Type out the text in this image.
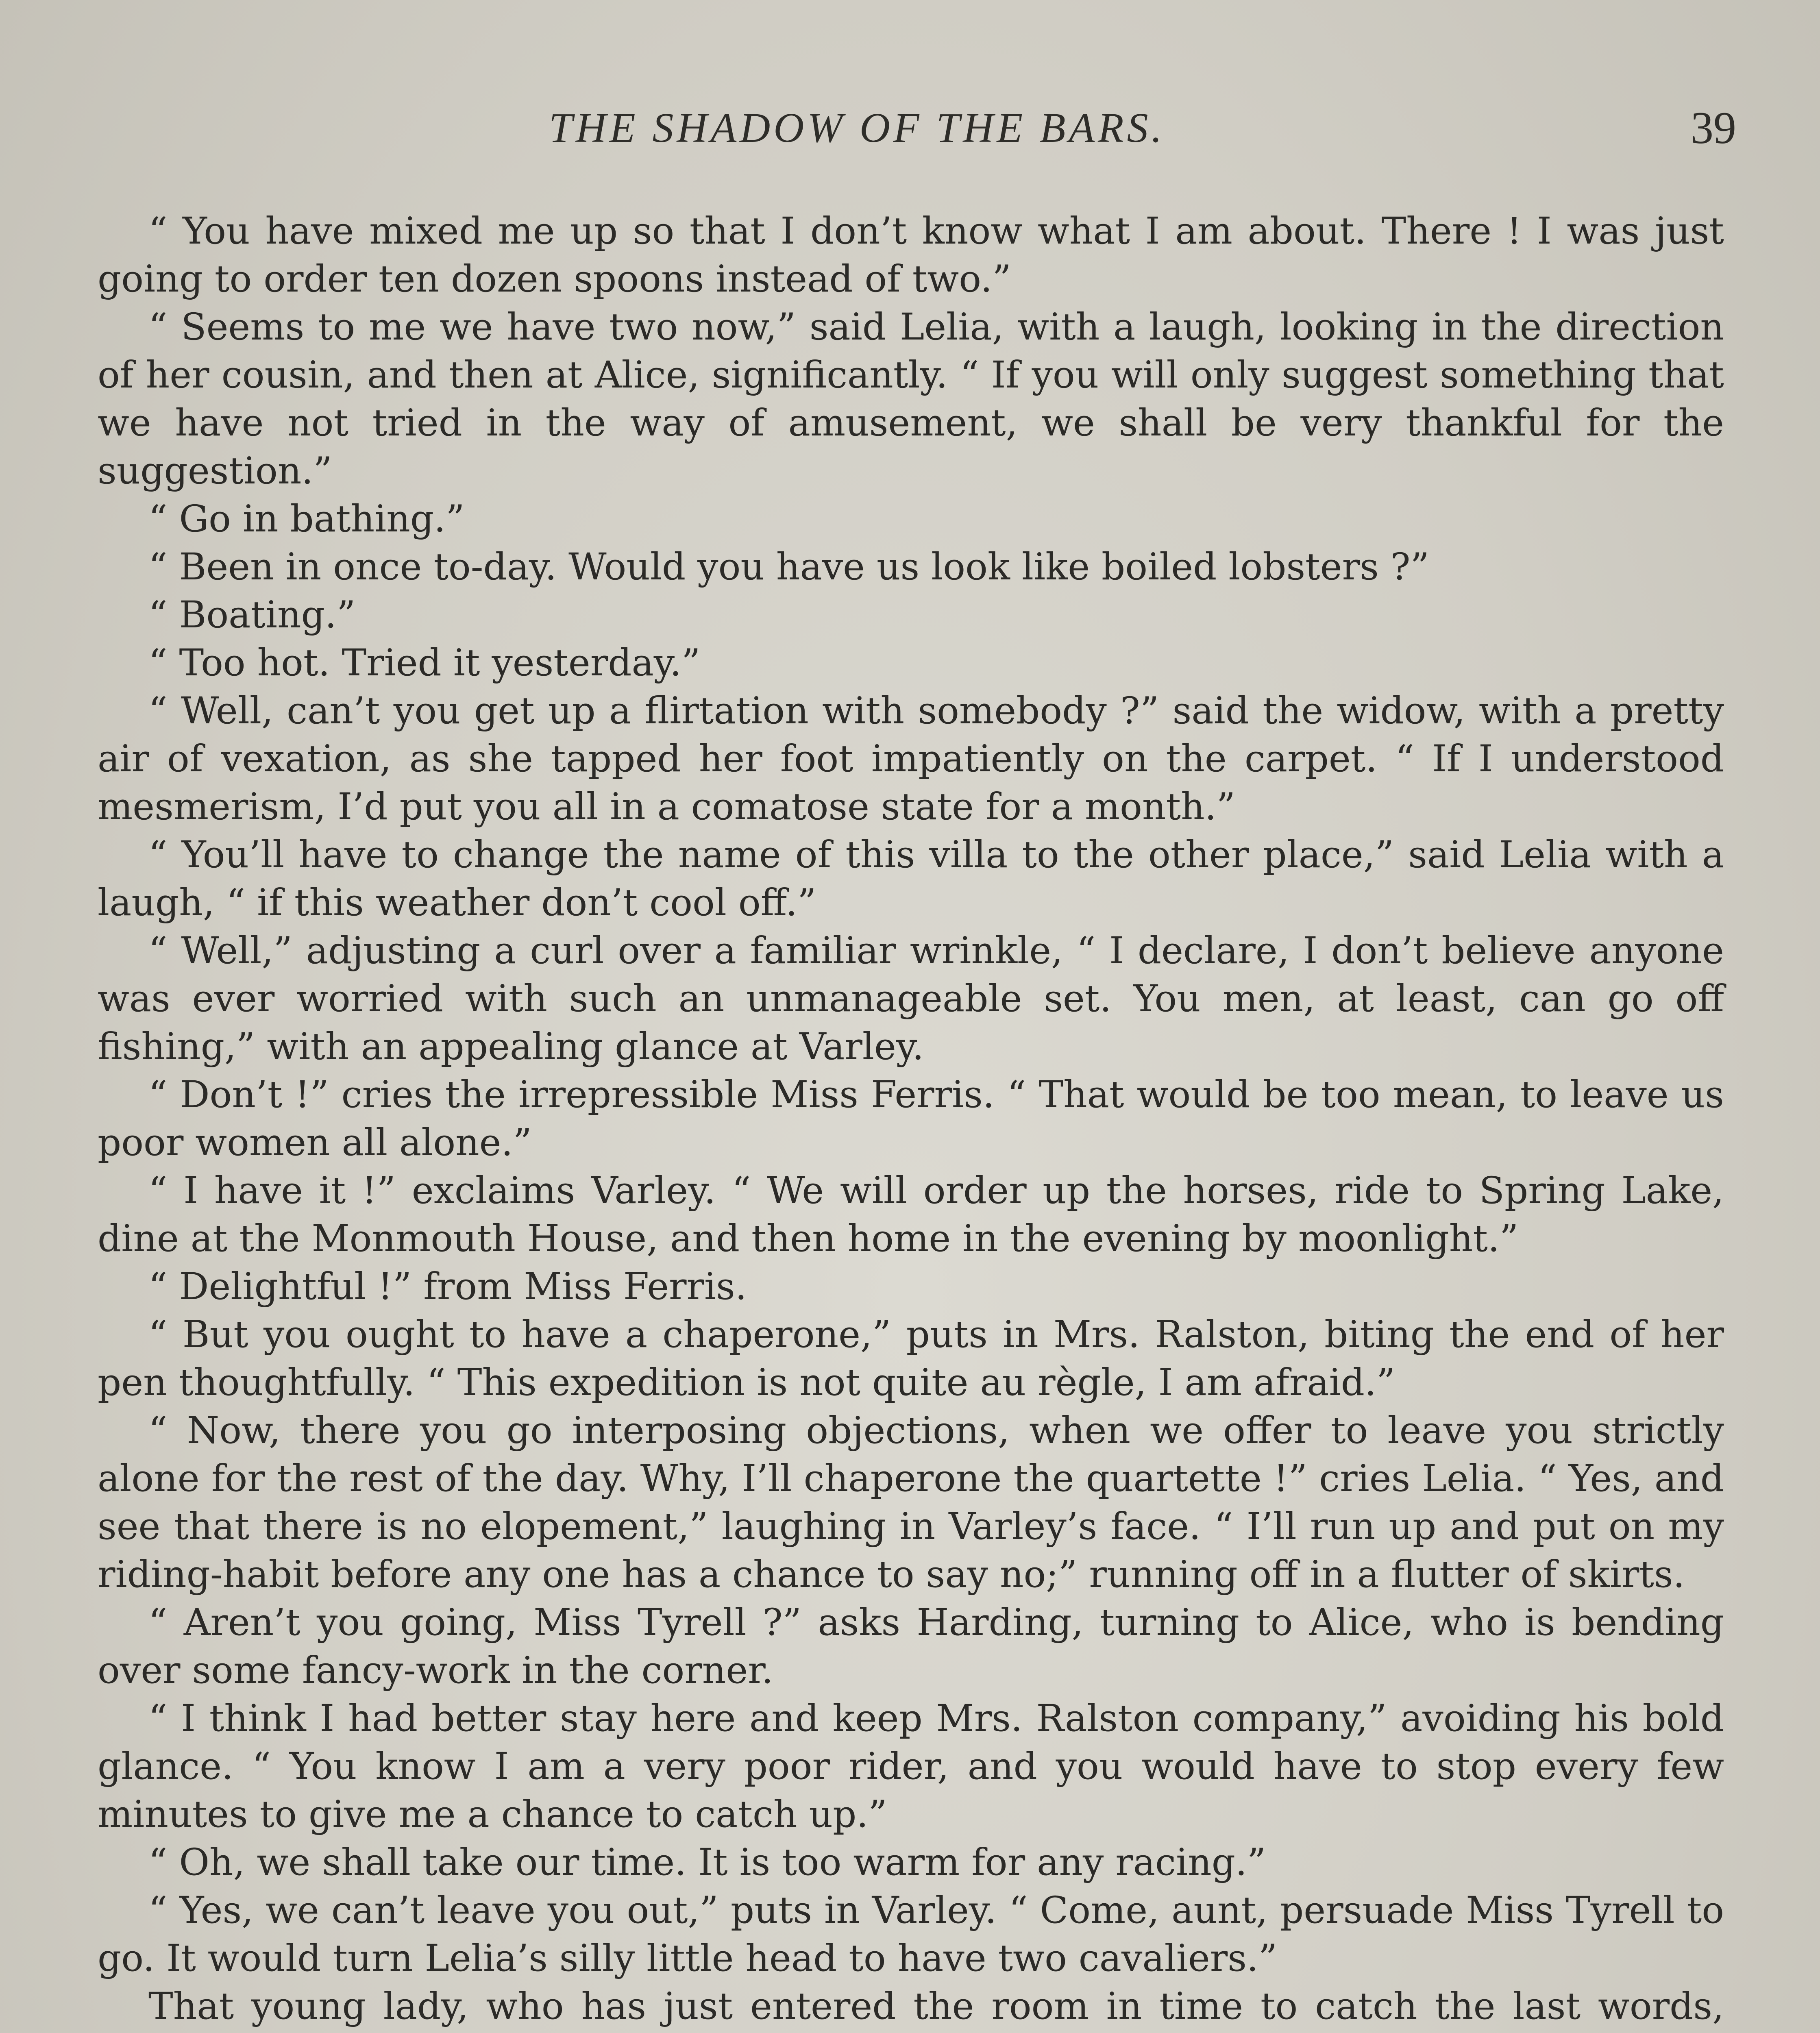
THE SHADOW OF THE BARS.	39

“ You have mixed me up so that I don’t know what I am about. There ! I was just going to order ten dozen spoons instead of two.”

“ Seems to me we have two now,” said Lelia, with a laugh, looking in the direction of her cousin, and then at Alice, significantly. “ If you will only suggest something that we have not tried in the way of amusement, we shall be very thankful for the suggestion.”

“ Go in bathing.”

“ Been in once to-day. Would you have us look like boiled lobsters ?”

“ Boating.”

“ Too hot. Tried it yesterday.”

“ Well, can’t you get up a flirtation with somebody ?” said the widow, with a pretty air of vexation, as she tapped her foot impatiently on the carpet. “ If I understood mesmerism, I’d put you all in a comatose state for a month.”

“ You’ll have to change the name of this villa to the other place,” said Lelia with a laugh, “ if this weather don’t cool off.”

“ Well,” adjusting a curl over a familiar wrinkle, “ I declare, I don’t believe anyone was ever worried with such an unmanageable set. You men, at least, can go off fishing,” with an appealing glance at Varley.

“ Don’t !” cries the irrepressible Miss Ferris. “ That would be too mean, to leave us poor women all alone.”

“ I have it !” exclaims Varley. “ We will order up the horses, ride to Spring Lake, dine at the Monmouth House, and then home in the evening by moonlight.”

“ Delightful !” from Miss Ferris.

“ But you ought to have a chaperone,” puts in Mrs. Ralston, biting the end of her pen thoughtfully. “ This expedition is not quite au règle, I am afraid.”

“ Now, there you go interposing objections, when we offer to leave you strictly alone for the rest of the day. Why, I’ll chaperone the quartette !” cries Lelia. “ Yes, and see that there is no elopement,” laughing in Varley’s face. “ I’ll run up and put on my riding-habit before any one has a chance to say no;” running off in a flutter of skirts.

“ Aren’t you going, Miss Tyrell ?” asks Harding, turning to Alice, who is bending over some fancy-work in the corner.

“ I think I had better stay here and keep Mrs. Ralston company,” avoiding his bold glance. “ You know I am a very poor rider, and you would have to stop every few minutes to give me a chance to catch up.”

“ Oh, we shall take our time. It is too warm for any racing.”

“ Yes, we can’t leave you out,” puts in Varley. “ Come, aunt, persuade Miss Tyrell to go. It would turn Lelia’s silly little head to have two cavaliers.”

That young lady, who has just entered the room in time to catch the last words,
